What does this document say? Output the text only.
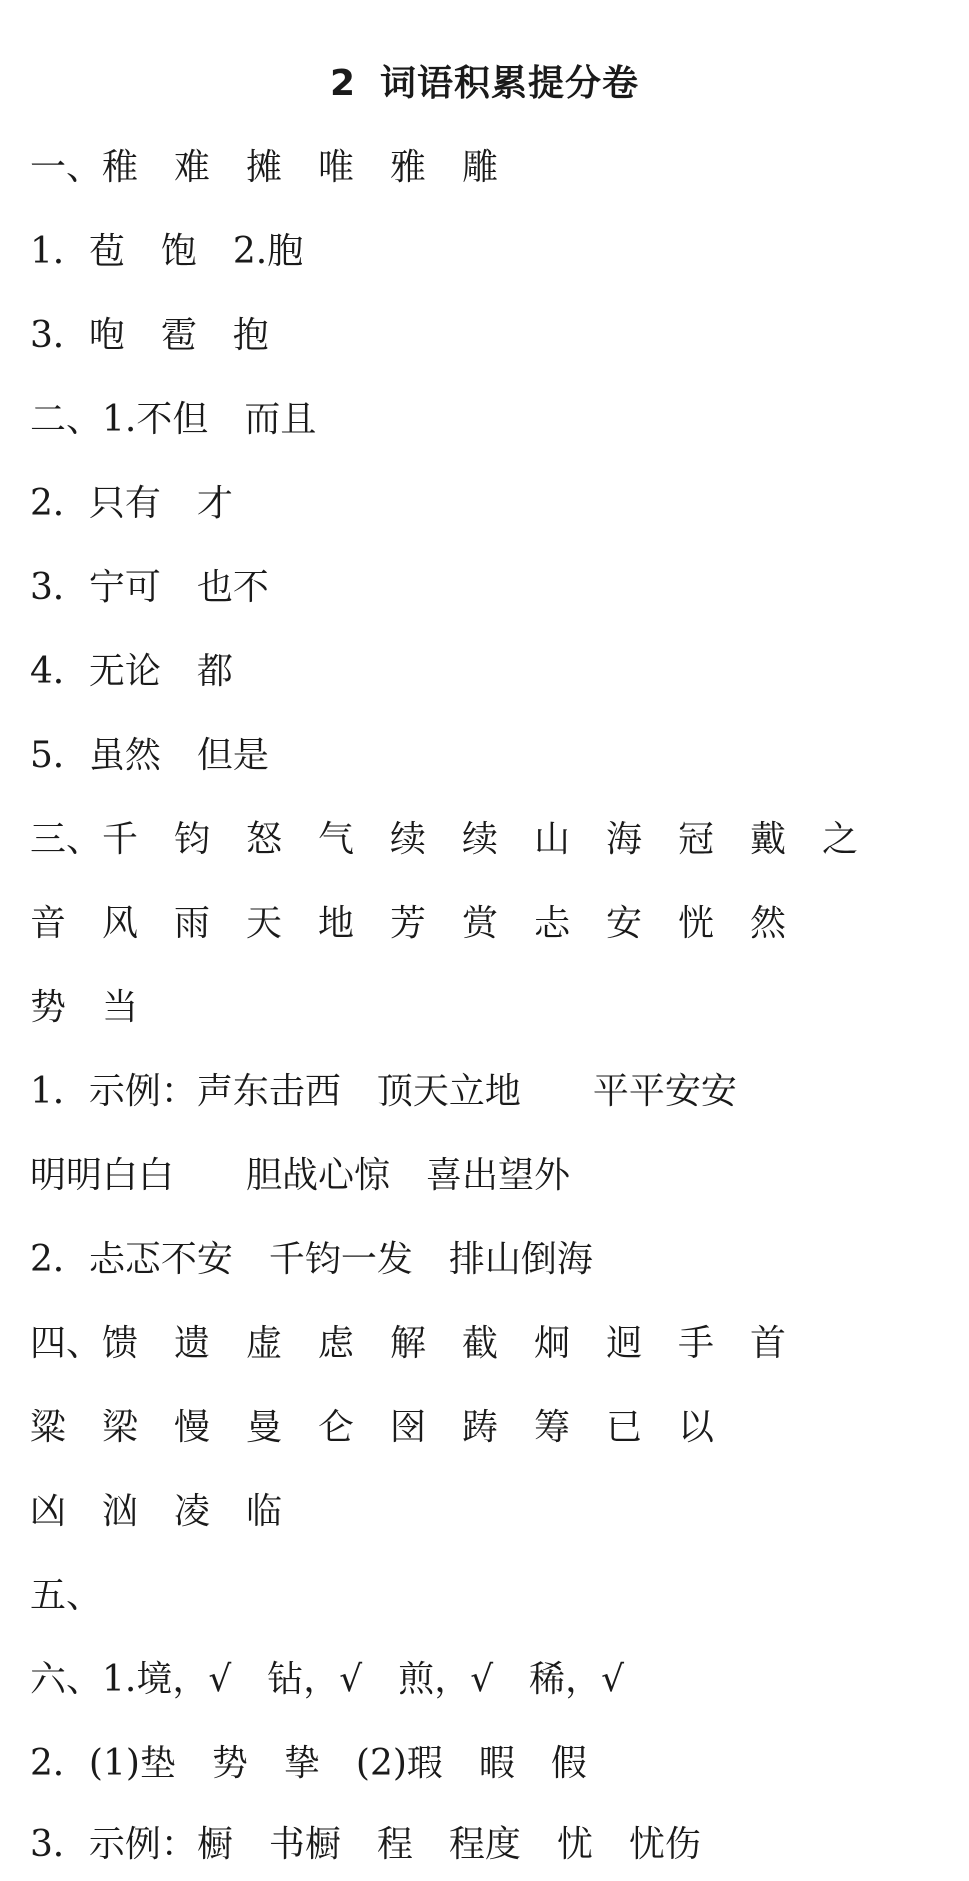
2 词语积累提分卷
一、稚　难　摊　唯　雅　雕
1．苞　饱　2.胞
3．咆　雹　抱
二、1.不但　而且
2．只有　才
3．宁可　也不
4．无论　都
5．虽然　但是
三、千　钧　怒　气　续　续　山　海　冠　戴　之
音　风　雨　天　地　芳　赏　忐　安　恍　然
势　当
1．示例：声东击西　顶天立地　　平平安安
明明白白　　胆战心惊　喜出望外
2．忐忑不安　千钧一发　排山倒海
四、馈　遗　虚　虑　解　截　炯　迥　手　首
粱　梁　慢　曼　仑　囹　踌　筹　已　以
凶　汹　凌　临
五、
六、1.境，√　钻，√　煎，√　稀，√
2．(1)垫　势　挚　(2)瑕　暇　假
3．示例：橱　书橱　程　程度　忧　忧伤
